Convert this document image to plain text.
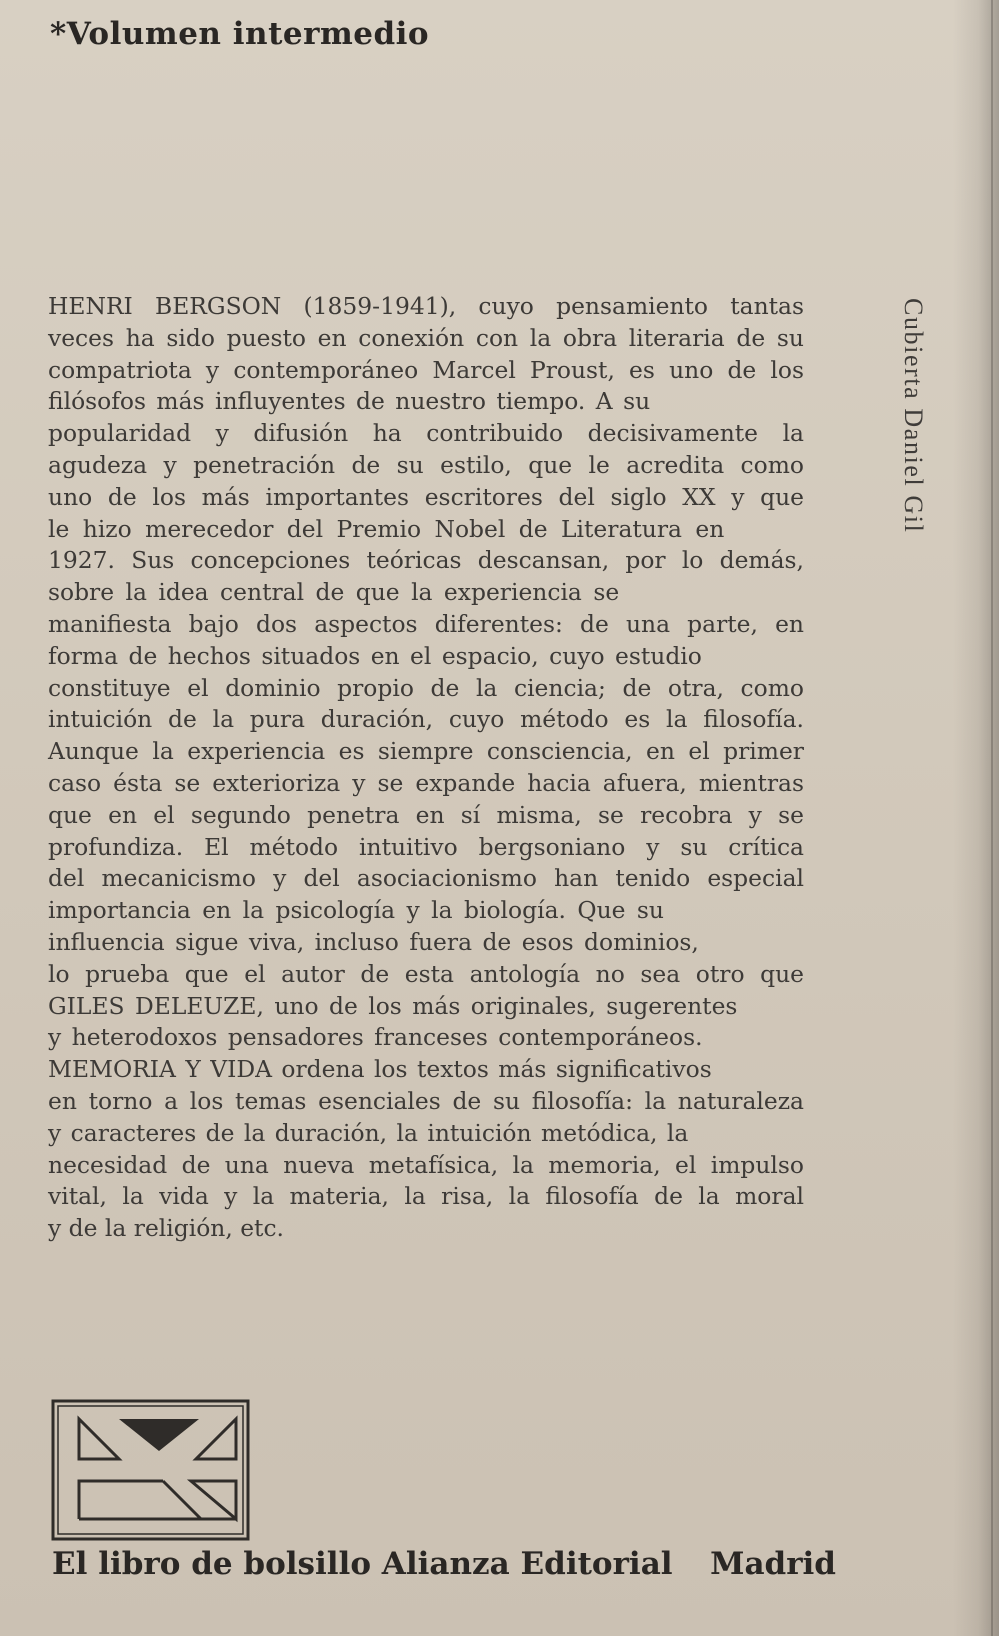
*Volumen intermedio
HENRI BERGSON (1859-1941), cuyo pensamiento tantas
veces ha sido puesto en conexión con la obra literaria de su
compatriota y contemporáneo Marcel Proust, es uno de los
filósofos más influyentes de nuestro tiempo. A su
popularidad y difusión ha contribuido decisivamente la
agudeza y penetración de su estilo, que le acredita como
uno de los más importantes escritores del siglo XX y que
le hizo merecedor del Premio Nobel de Literatura en
1927. Sus concepciones teóricas descansan, por lo demás,
sobre la idea central de que la experiencia se
manifiesta bajo dos aspectos diferentes: de una parte, en
forma de hechos situados en el espacio, cuyo estudio
constituye el dominio propio de la ciencia; de otra, como
intuición de la pura duración, cuyo método es la filosofía.
Aunque la experiencia es siempre consciencia, en el primer
caso ésta se exterioriza y se expande hacia afuera, mientras
que en el segundo penetra en sí misma, se recobra y se
profundiza. El método intuitivo bergsoniano y su crítica
del mecanicismo y del asociacionismo han tenido especial
importancia en la psicología y la biología. Que su
influencia sigue viva, incluso fuera de esos dominios,
lo prueba que el autor de esta antología no sea otro que
GILES DELEUZE, uno de los más originales, sugerentes
y heterodoxos pensadores franceses contemporáneos.
MEMORIA Y VIDA ordena los textos más significativos
en torno a los temas esenciales de su filosofía: la naturaleza
y caracteres de la duración, la intuición metódica, la
necesidad de una nueva metafísica, la memoria, el impulso
vital, la vida y la materia, la risa, la filosofía de la moral
y de la religión, etc.
Cubierta Daniel Gil
El libro de bolsillo Alianza Editorial Madrid
